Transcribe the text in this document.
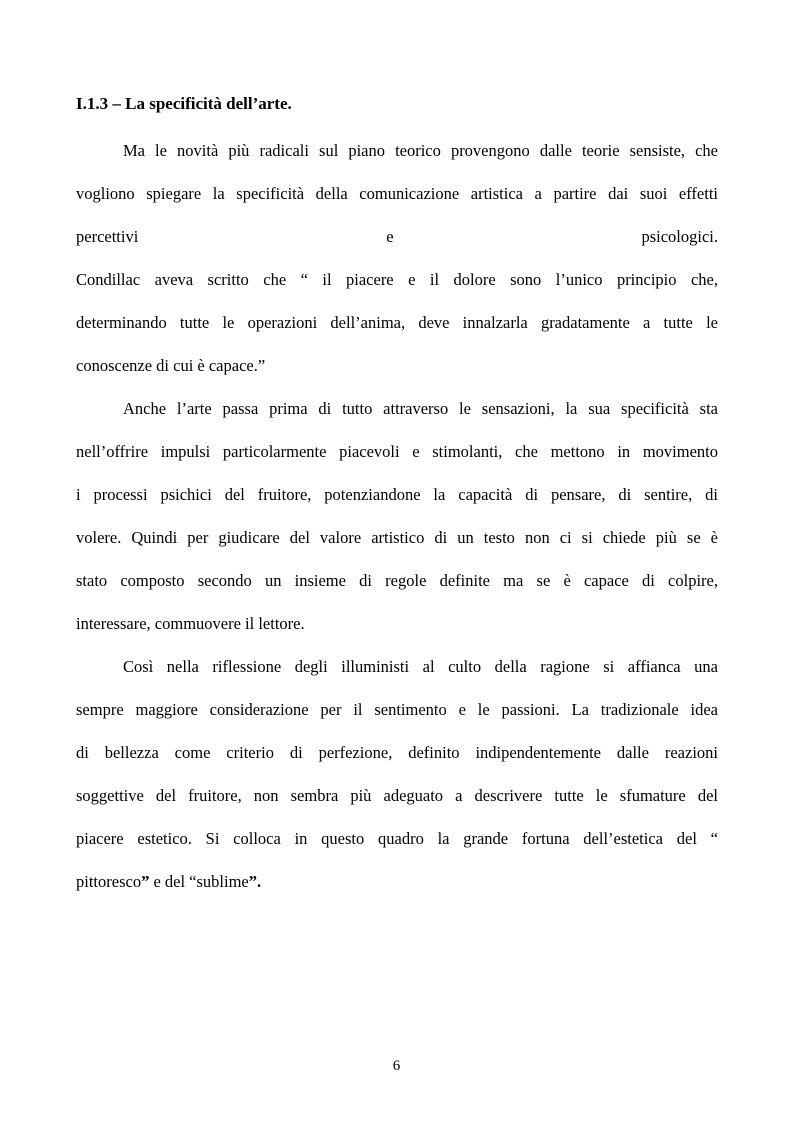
I.1.3 – La specificità dell’arte.

Ma le novità più radicali sul piano teorico provengono dalle teorie sensiste, che

vogliono spiegare la specificità della comunicazione artistica a partire dai suoi effetti

percettivi e psicologici.

Condillac aveva scritto che “ il piacere e il dolore sono l’unico principio che,

determinando tutte le operazioni dell’anima, deve innalzarla gradatamente a tutte le

conoscenze di cui è capace.”

Anche l’arte passa prima di tutto attraverso le sensazioni, la sua specificità sta

nell’offrire impulsi particolarmente piacevoli e stimolanti, che mettono in movimento

i processi psichici del fruitore, potenziandone la capacità di pensare, di sentire, di

volere. Quindi per giudicare del valore artistico di un testo non ci si chiede più se è

stato composto secondo un insieme di regole definite ma se è capace di colpire,

interessare, commuovere il lettore.

Così nella riflessione degli illuministi al culto della ragione si affianca una

sempre maggiore considerazione per il sentimento e le passioni. La tradizionale idea

di bellezza come criterio di perfezione, definito indipendentemente dalle reazioni

soggettive del fruitore, non sembra più adeguato a descrivere tutte le sfumature del

piacere estetico. Si colloca in questo quadro la grande fortuna dell’estetica del “

pittoresco” e del “sublime”.

6
